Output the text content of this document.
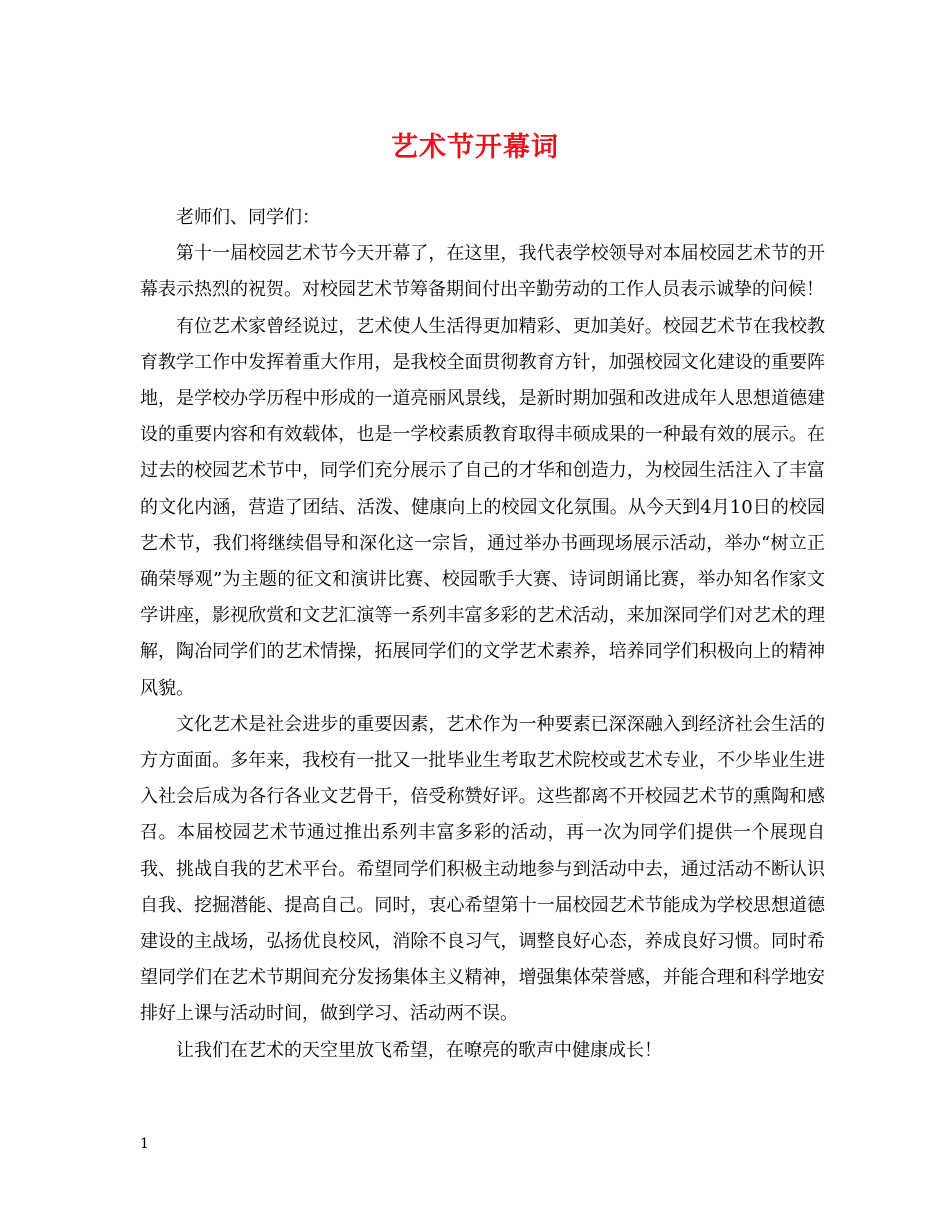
艺术节开幕词

老师们、同学们：

第十一届校园艺术节今天开幕了，在这里，我代表学校领导对本届校园艺术节的开幕表示热烈的祝贺。对校园艺术节筹备期间付出辛勤劳动的工作人员表示诚挚的问候！

有位艺术家曾经说过，艺术使人生活得更加精彩、更加美好。校园艺术节在我校教育教学工作中发挥着重大作用，是我校全面贯彻教育方针，加强校园文化建设的重要阵地，是学校办学历程中形成的一道亮丽风景线，是新时期加强和改进成年人思想道德建设的重要内容和有效载体，也是一学校素质教育取得丰硕成果的一种最有效的展示。在过去的校园艺术节中，同学们充分展示了自己的才华和创造力，为校园生活注入了丰富的文化内涵，营造了团结、活泼、健康向上的校园文化氛围。从今天到4月10日的校园艺术节，我们将继续倡导和深化这一宗旨，通过举办书画现场展示活动，举办“树立正确荣辱观”为主题的征文和演讲比赛、校园歌手大赛、诗词朗诵比赛，举办知名作家文学讲座，影视欣赏和文艺汇演等一系列丰富多彩的艺术活动，来加深同学们对艺术的理解，陶冶同学们的艺术情操，拓展同学们的文学艺术素养，培养同学们积极向上的精神风貌。

文化艺术是社会进步的重要因素，艺术作为一种要素已深深融入到经济社会生活的方方面面。多年来，我校有一批又一批毕业生考取艺术院校或艺术专业，不少毕业生进入社会后成为各行各业文艺骨干，倍受称赞好评。这些都离不开校园艺术节的熏陶和感召。本届校园艺术节通过推出系列丰富多彩的活动，再一次为同学们提供一个展现自我、挑战自我的艺术平台。希望同学们积极主动地参与到活动中去，通过活动不断认识自我、挖掘潜能、提高自己。同时，衷心希望第十一届校园艺术节能成为学校思想道德建设的主战场，弘扬优良校风，消除不良习气，调整良好心态，养成良好习惯。同时希望同学们在艺术节期间充分发扬集体主义精神，增强集体荣誉感，并能合理和科学地安排好上课与活动时间，做到学习、活动两不误。

让我们在艺术的天空里放飞希望，在嘹亮的歌声中健康成长！

1
